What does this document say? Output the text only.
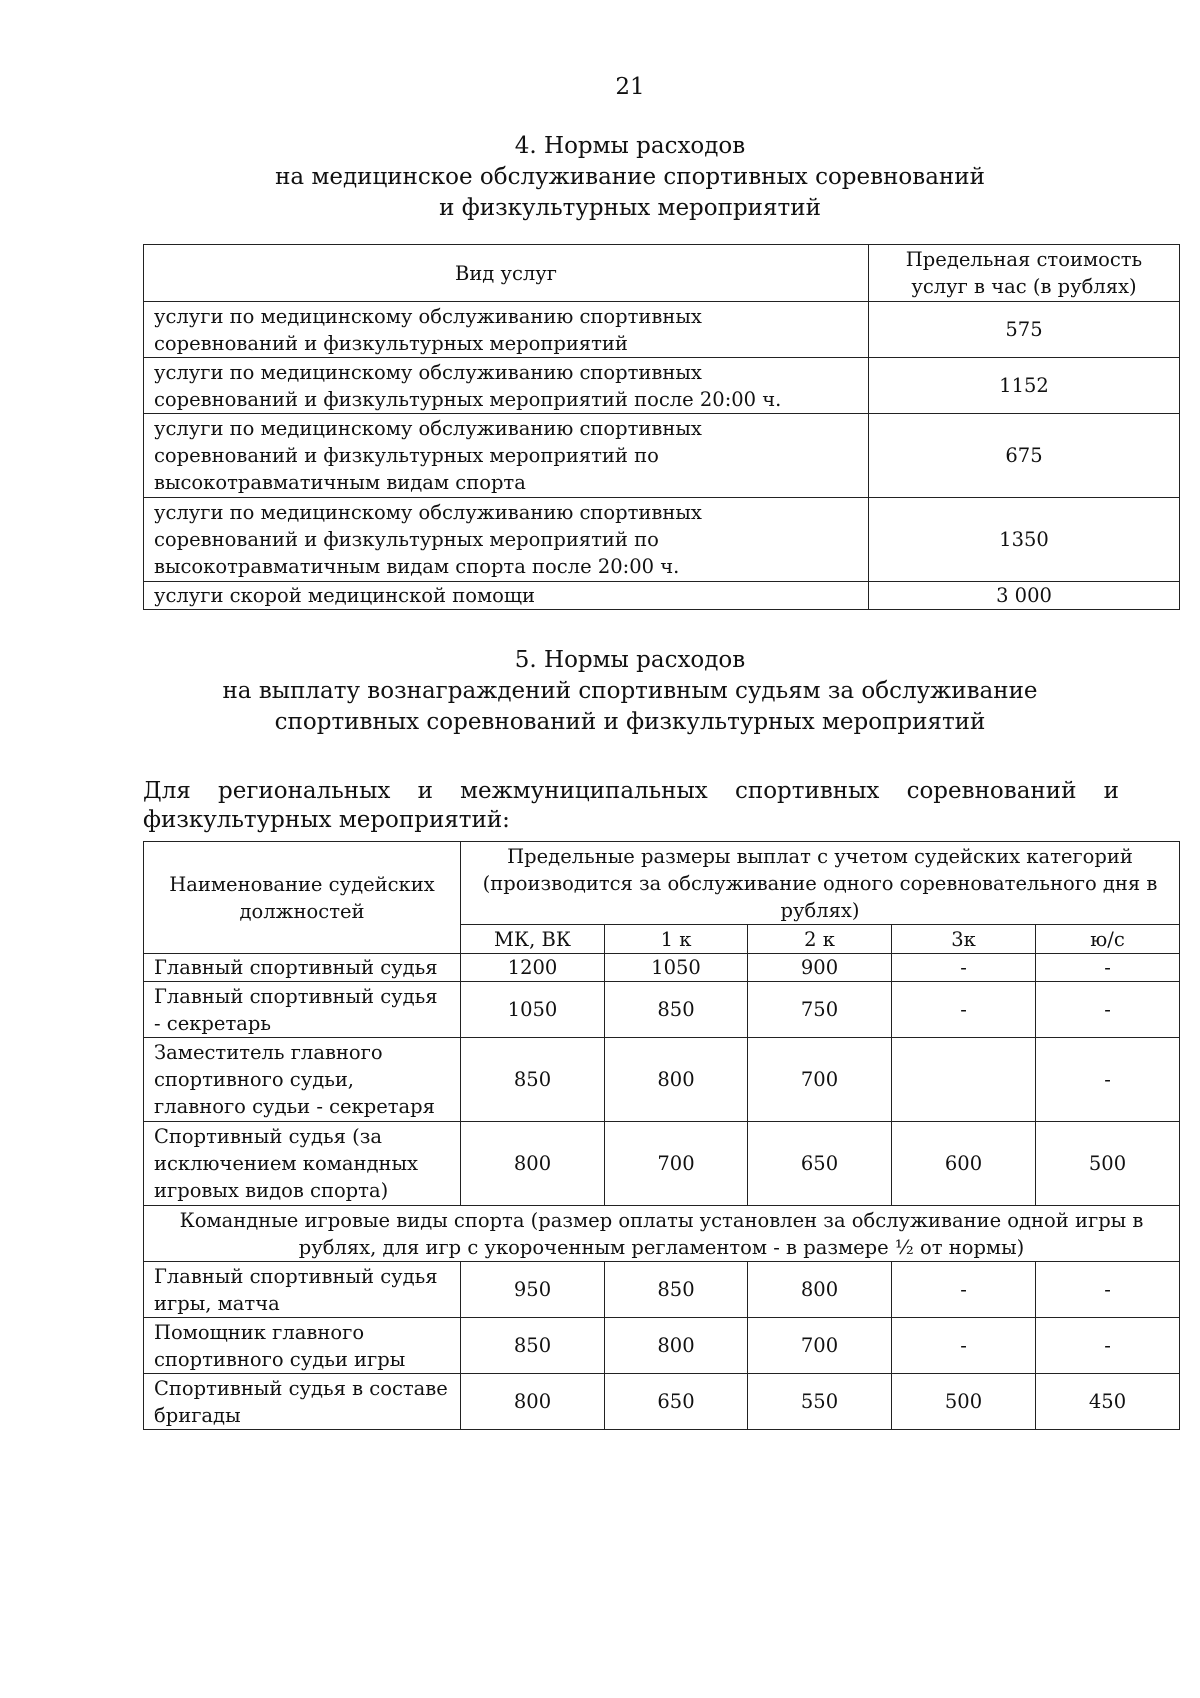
21
4. Нормы расходов
на медицинское обслуживание спортивных соревнований
и физкультурных мероприятий
Вид услуг	Предельная стоимость услуг в час (в рублях)

услуги по медицинскому обслуживанию спортивных
соревнований и физкультурных мероприятий	575

услуги по медицинскому обслуживанию спортивных
соревнований и физкультурных мероприятий после 20:00 ч.	1152

услуги по медицинскому обслуживанию спортивных
соревнований и физкультурных мероприятий по
высокотравматичным видам спорта	675

услуги по медицинскому обслуживанию спортивных
соревнований и физкультурных мероприятий по
высокотравматичным видам спорта после 20:00 ч.	1350

услуги скорой медицинской помощи	3 000
5. Нормы расходов
на выплату вознаграждений спортивным судьям за обслуживание
спортивных соревнований и физкультурных мероприятий
Для региональных и межмуниципальных спортивных соревнований и
физкультурных мероприятий:
Наименование судейских должностей	Предельные размеры выплат с учетом судейских категорий (производится за обслуживание одного соревновательного дня в рублях)				
	МК, ВК	1 к	2 к	3к	ю/с
Главный спортивный судья	1200	1050	900	-	-
Главный спортивный судья - секретарь	1050	850	750	-	-
Заместитель главного спортивного судьи, главного судьи - секретаря	850	800	700		-
Спортивный судья (за исключением командных игровых видов спорта)	800	700	650	600	500
Командные игровые виды спорта (размер оплаты установлен за обслуживание одной игры в рублях, для игр с укороченным регламентом - в размере ½ от нормы)					
Главный спортивный судья игры, матча	950	850	800	-	-
Помощник главного спортивного судьи игры	850	800	700	-	-
Спортивный судья в составе бригады	800	650	550	500	450
